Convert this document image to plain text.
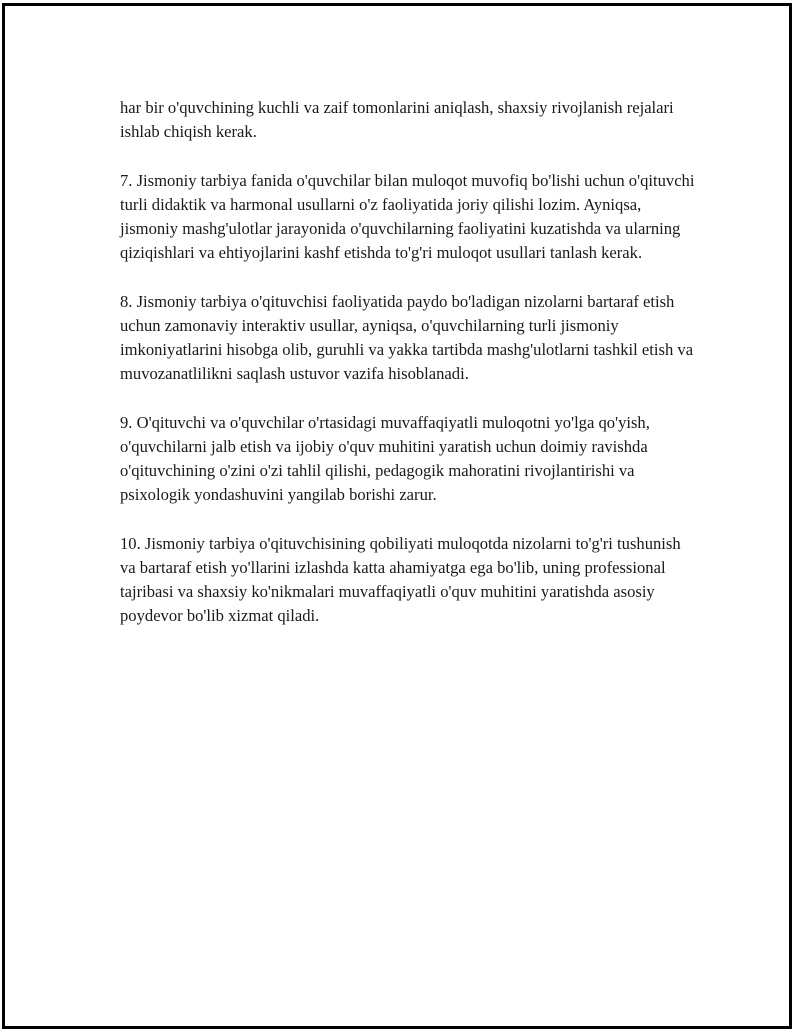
har bir o'quvchining kuchli va zaif tomonlarini aniqlash, shaxsiy rivojlanish rejalari ishlab chiqish kerak.

7. Jismoniy tarbiya fanida o'quvchilar bilan muloqot muvofiq bo'lishi uchun o'qituvchi turli didaktik va harmonal usullarni o'z faoliyatida joriy qilishi lozim. Ayniqsa, jismoniy mashg'ulotlar jarayonida o'quvchilarning faoliyatini kuzatishda va ularning qiziqishlari va ehtiyojlarini kashf etishda to'g'ri muloqot usullari tanlash kerak.

8. Jismoniy tarbiya o'qituvchisi faoliyatida paydo bo'ladigan nizolarni bartaraf etish uchun zamonaviy interaktiv usullar, ayniqsa, o'quvchilarning turli jismoniy imkoniyatlarini hisobga olib, guruhli va yakka tartibda mashg'ulotlarni tashkil etish va muvozanatlilikni saqlash ustuvor vazifa hisoblanadi.

9. O'qituvchi va o'quvchilar o'rtasidagi muvaffaqiyatli muloqotni yo'lga qo'yish, o'quvchilarni jalb etish va ijobiy o'quv muhitini yaratish uchun doimiy ravishda o'qituvchining o'zini o'zi tahlil qilishi, pedagogik mahoratini rivojlantirishi va psixologik yondashuvini yangilab borishi zarur.

10. Jismoniy tarbiya o'qituvchisining qobiliyati muloqotda nizolarni to'g'ri tushunish va bartaraf etish yo'llarini izlashda katta ahamiyatga ega bo'lib, uning professional tajribasi va shaxsiy ko'nikmalari muvaffaqiyatli o'quv muhitini yaratishda asosiy poydevor bo'lib xizmat qiladi.
